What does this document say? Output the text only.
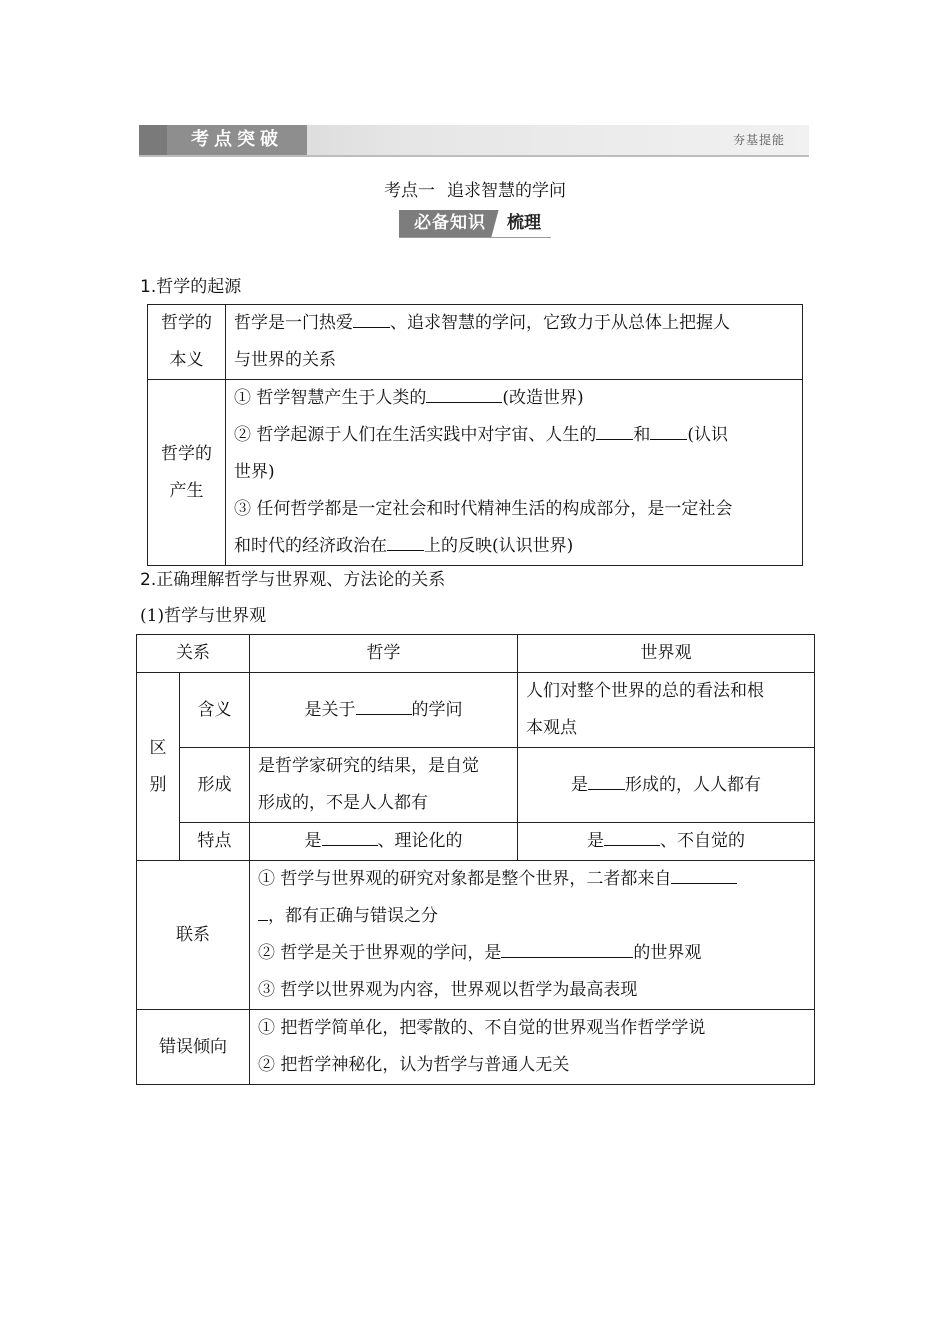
考点突破	夯基提能
考点一 追求智慧的学问
必备知识	梳理
1.哲学的起源
哲学的
本义	哲学是一门热爱 、追求智慧的学问，它致力于从总体上把握人
与世界的关系

哲学的
产生	① 哲学智慧产生于人类的 (改造世界)
② 哲学起源于人们在生活实践中对宇宙、人生的 和 (认识
世界)
③ 任何哲学都是一定社会和时代精神生活的构成部分，是一定社会
和时代的经济政治在 上的反映(认识世界)
2.正确理解哲学与世界观、方法论的关系
(1)哲学与世界观
关系		哲学	世界观

区
别	含义	是关于 的学问	人们对整个世界的总的看法和根
本观点

	形成	是哲学家研究的结果，是自觉
形成的，不是人人都有	是 形成的，人人都有
	特点	是 、理论化的	是 、不自觉的
联系		① 哲学与世界观的研究对象都是整个世界，二者都来自
，都有正确与错误之分
② 哲学是关于世界观的学问，是 的世界观
③ 哲学以世界观为内容，世界观以哲学为最高表现	

错误倾向		① 把哲学简单化，把零散的、不自觉的世界观当作哲学学说
② 把哲学神秘化，认为哲学与普通人无关	
